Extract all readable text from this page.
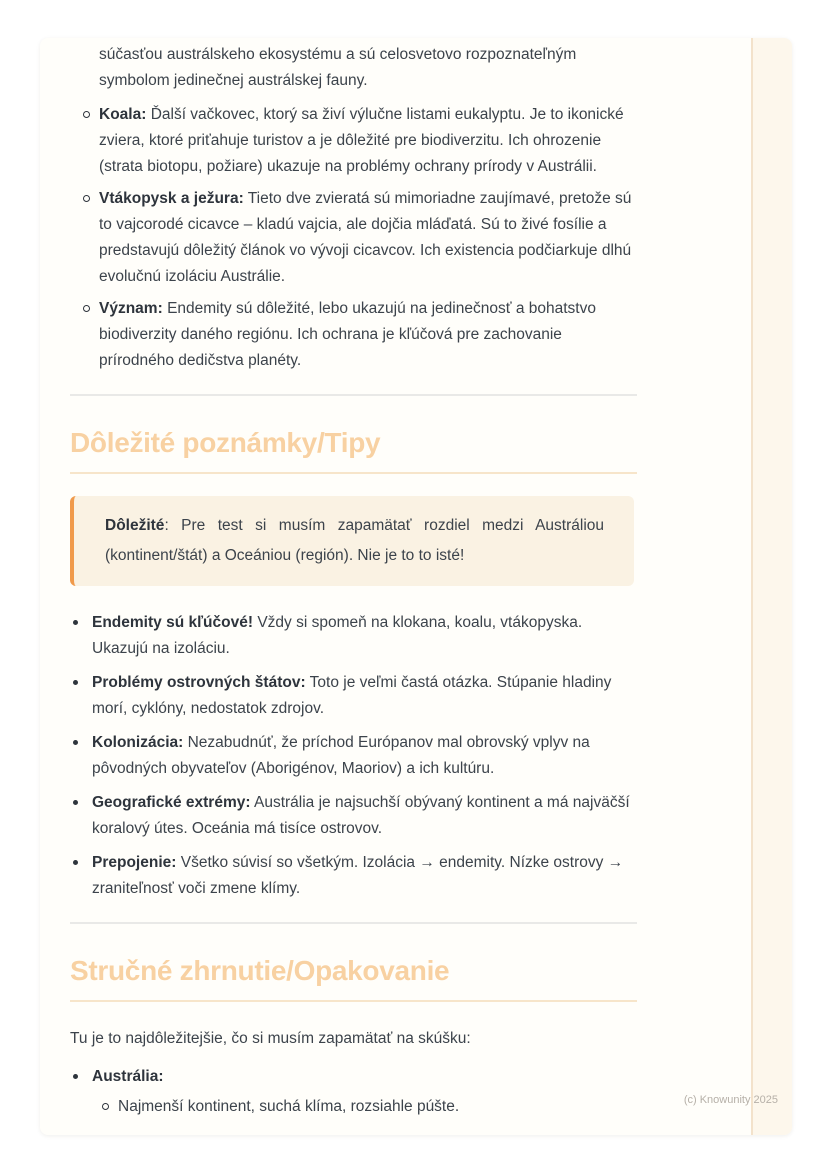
súčasťou austrálskeho ekosystému a sú celosvetovo rozpoznateľným symbolom jedinečnej austrálskej fauny.

Koala: Ďalší vačkovec, ktorý sa živí výlučne listami eukalyptu. Je to ikonické zviera, ktoré priťahuje turistov a je dôležité pre biodiverzitu. Ich ohrozenie (strata biotopu, požiare) ukazuje na problémy ochrany prírody v Austrálii.
Vtákopysk a ježura: Tieto dve zvieratá sú mimoriadne zaujímavé, pretože sú to vajcorodé cicavce – kladú vajcia, ale dojčia mláďatá. Sú to živé fosílie a predstavujú dôležitý článok vo vývoji cicavcov. Ich existencia podčiarkuje dlhú evolučnú izoláciu Austrálie.
Význam: Endemity sú dôležité, lebo ukazujú na jedinečnosť a bohatstvo biodiverzity daného regiónu. Ich ochrana je kľúčová pre zachovanie prírodného dedičstva planéty.
Dôležité poznámky/Tipy

Dôležité: Pre test si musím zapamätať rozdiel medzi Austráliou (kontinent/štát) a Oceániou (región). Nie je to to isté!

Endemity sú kľúčové! Vždy si spomeň na klokana, koalu, vtákopyska. Ukazujú na izoláciu.
Problémy ostrovných štátov: Toto je veľmi častá otázka. Stúpanie hladiny morí, cyklóny, nedostatok zdrojov.
Kolonizácia: Nezabudnúť, že príchod Európanov mal obrovský vplyv na pôvodných obyvateľov (Aborigénov, Maoriov) a ich kultúru.
Geografické extrémy: Austrália je najsuchší obývaný kontinent a má najväčší koralový útes. Oceánia má tisíce ostrovov.
Prepojenie: Všetko súvisí so všetkým. Izolácia → endemity. Nízke ostrovy → zraniteľnosť voči zmene klímy.
Stručné zhrnutie/Opakovanie

Tu je to najdôležitejšie, čo si musím zapamätať na skúšku:

Austrália:
Najmenší kontinent, suchá klíma, rozsiahle púšte.	(c) Knowunity 2025
